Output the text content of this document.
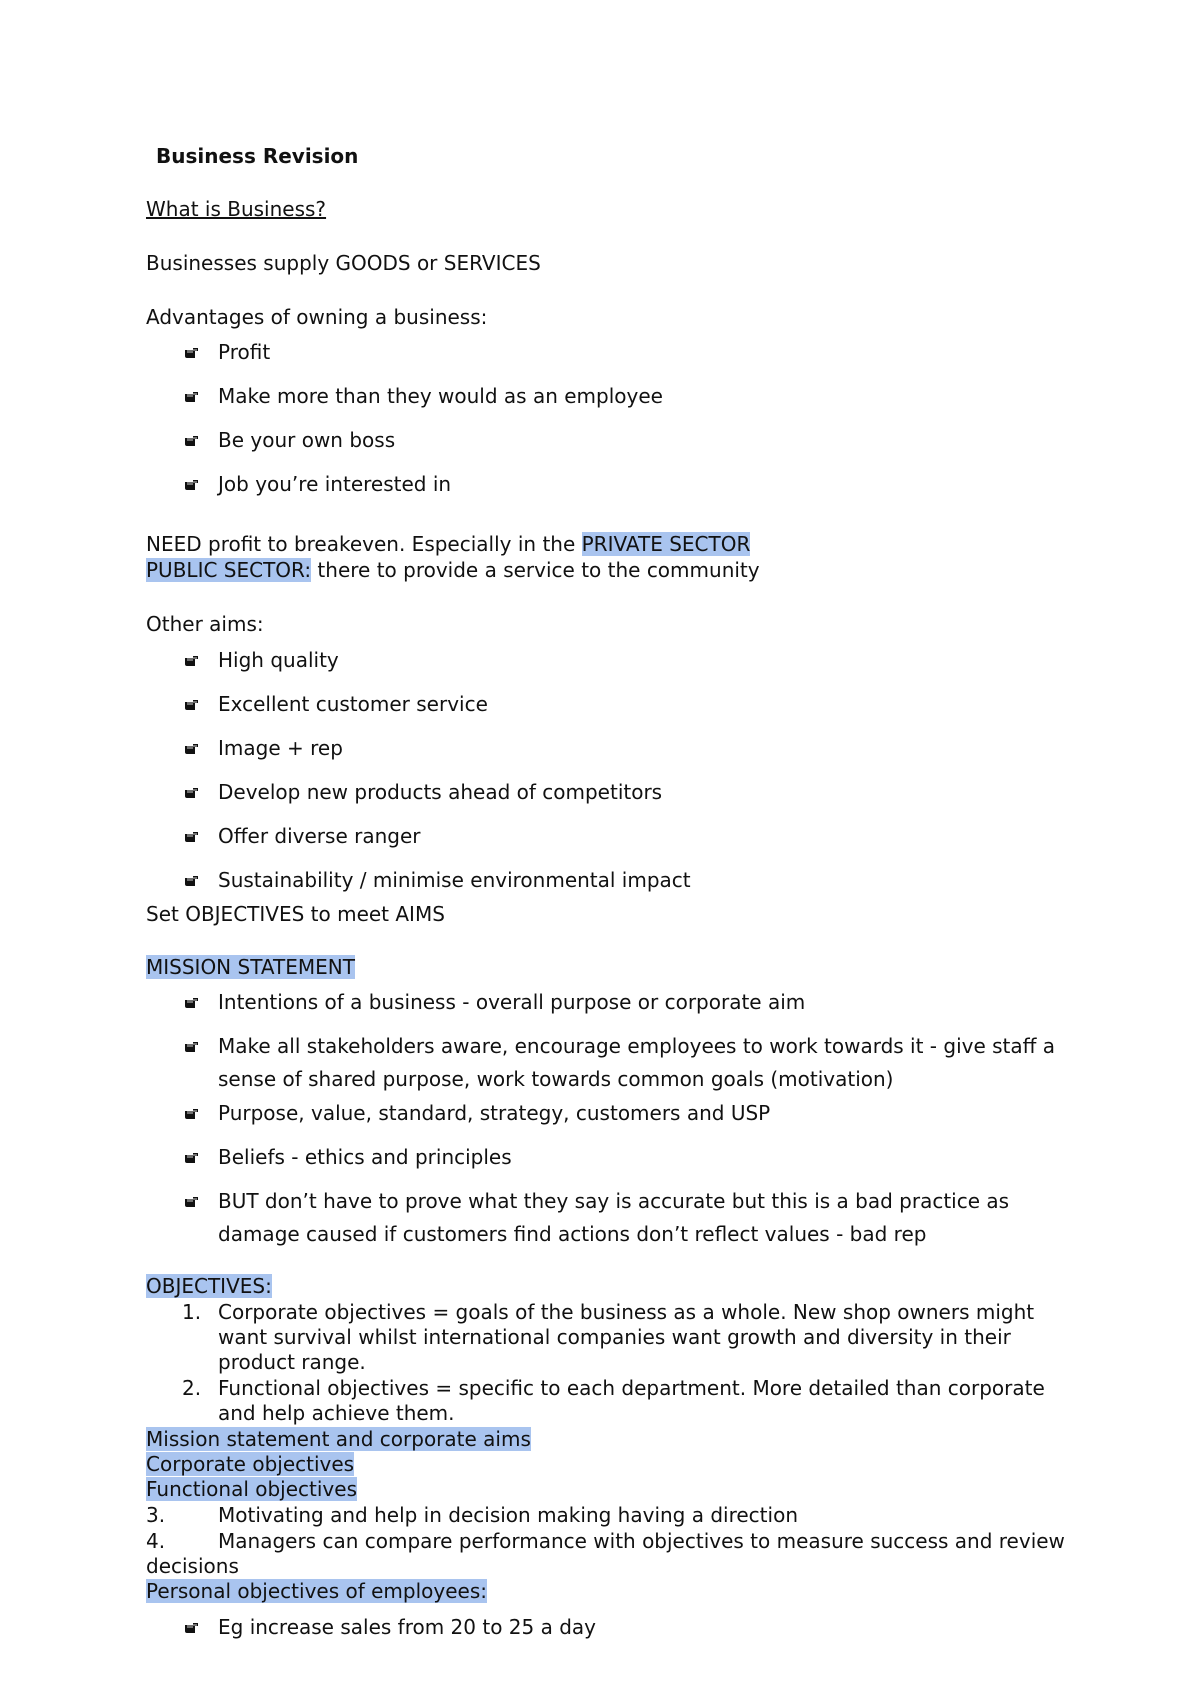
Business Revision
What is Business?
Businesses supply GOODS or SERVICES
Advantages of owning a business:
Profit
Make more than they would as an employee
Be your own boss
Job you’re interested in
NEED profit to breakeven. Especially in the PRIVATE SECTOR
PUBLIC SECTOR: there to provide a service to the community
Other aims:
High quality
Excellent customer service
Image + rep
Develop new products ahead of competitors
Offer diverse ranger
Sustainability / minimise environmental impact
Set OBJECTIVES to meet AIMS
MISSION STATEMENT
Intentions of a business - overall purpose or corporate aim
Make all stakeholders aware, encourage employees to work towards it - give staff a
sense of shared purpose, work towards common goals (motivation)
Purpose, value, standard, strategy, customers and USP
Beliefs - ethics and principles
BUT don’t have to prove what they say is accurate but this is a bad practice as
damage caused if customers find actions don’t reflect values - bad rep
OBJECTIVES:
1. Corporate objectives = goals of the business as a whole. New shop owners might
want survival whilst international companies want growth and diversity in their
product range.
2. Functional objectives = specific to each department. More detailed than corporate
and help achieve them.
Mission statement and corporate aims
Corporate objectives
Functional objectives
3.	Motivating and help in decision making having a direction
4.	Managers can compare performance with objectives to measure success and review
decisions
Personal objectives of employees:
Eg increase sales from 20 to 25 a day
